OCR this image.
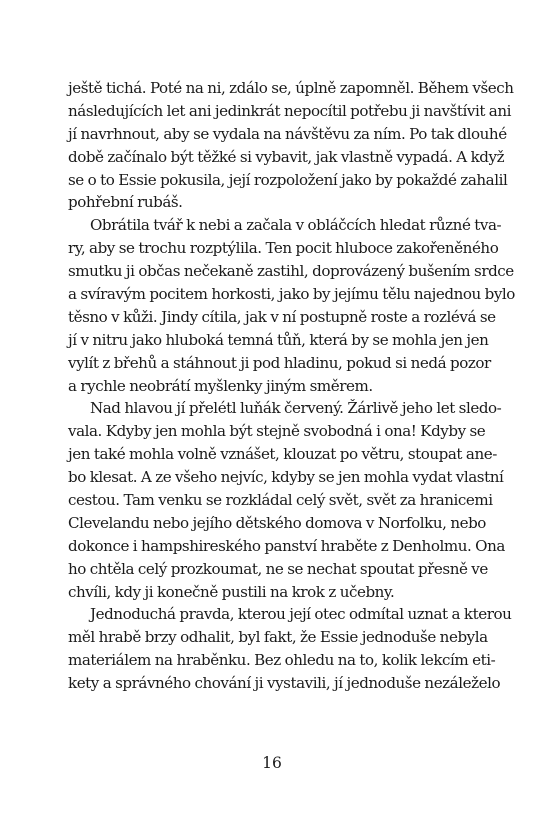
ještě tichá. Poté na ni, zdálo se, úplně zapomněl. Během všech
následujících let ani jedinkrát nepocítil potřebu ji navštívit ani
jí navrhnout, aby se vydala na návštěvu za ním. Po tak dlouhé
době začínalo být těžké si vybavit, jak vlastně vypadá. A když
se o to Essie pokusila, její rozpoložení jako by pokaždé zahalil
pohřební rubáš.
Obrátila tvář k nebi a začala v obláčcích hledat různé tva-
ry, aby se trochu rozptýlila. Ten pocit hluboce zakořeněného
smutku ji občas nečekaně zastihl, doprovázený bušením srdce
a svíravým pocitem horkosti, jako by jejímu tělu najednou bylo
těsno v kůži. Jindy cítila, jak v ní postupně roste a rozlévá se
jí v nitru jako hluboká temná tůň, která by se mohla jen jen
vylít z břehů a stáhnout ji pod hladinu, pokud si nedá pozor
a rychle neobrátí myšlenky jiným směrem.
Nad hlavou jí přelétl luňák červený. Žárlivě jeho let sledo-
vala. Kdyby jen mohla být stejně svobodná i ona! Kdyby se
jen také mohla volně vznášet, klouzat po větru, stoupat ane-
bo klesat. A ze všeho nejvíc, kdyby se jen mohla vydat vlastní
cestou. Tam venku se rozkládal celý svět, svět za hranicemi
Clevelandu nebo jejího dětského domova v Norfolku, nebo
dokonce i hampshireského panství hraběte z Denholmu. Ona
ho chtěla celý prozkoumat, ne se nechat spoutat přesně ve
chvíli, kdy ji konečně pustili na krok z učebny.
Jednoduchá pravda, kterou její otec odmítal uznat a kterou
měl hrabě brzy odhalit, byl fakt, že Essie jednoduše nebyla
materiálem na hraběnku. Bez ohledu na to, kolik lekcím eti-
kety a správného chování ji vystavili, jí jednoduše nezáleželo
16
